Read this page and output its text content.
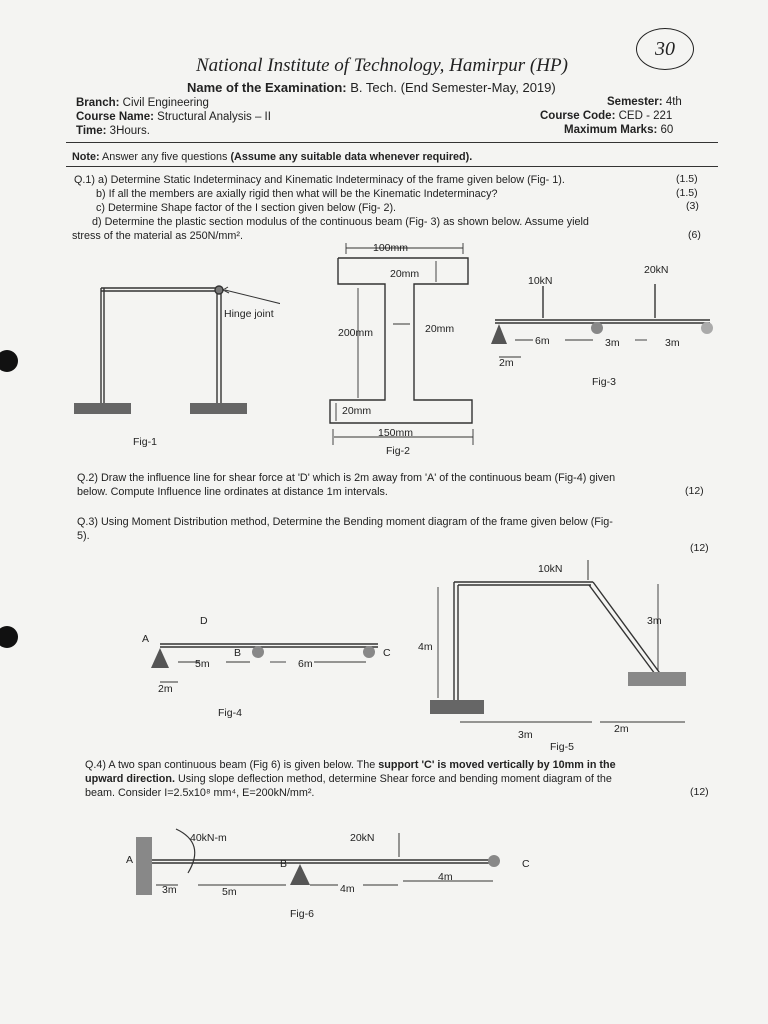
30
National Institute of Technology, Hamirpur (HP)
Name of the Examination: B. Tech. (End Semester-May, 2019)
Branch: Civil Engineering
Course Name: Structural Analysis – II
Time: 3Hours.
Semester: 4th
Course Code: CED - 221
Maximum Marks: 60
Note: Answer any five questions (Assume any suitable data whenever required).
Q.1) a) Determine Static Indeterminacy and Kinematic Indeterminacy of the frame given below (Fig- 1).	(1.5)
b) If all the members are axially rigid then what will be the Kinematic Indeterminacy?	(1.5)
c) Determine Shape factor of the I section given below (Fig- 2).	(3)
d) Determine the plastic section modulus of the continuous beam (Fig- 3) as shown below. Assume yield
stress of the material as 250N/mm².	(6)
Hinge joint
Fig-1
100mm
20mm
200mm	20mm
20mm
150mm
Fig-2
10kN
20kN
6m	3m	3m
2m
Fig-3
Q.2) Draw the influence line for shear force at 'D' which is 2m away from 'A' of the continuous beam (Fig-4) given
below. Compute Influence line ordinates at distance 1m intervals.	(12)
Q.3) Using Moment Distribution method, Determine the Bending moment diagram of the frame given below (Fig-
5).
(12)
A
D
B	C
5m	6m
2m
Fig-4
10kN
4m
3m
3m	2m
Fig-5
Q.4) A two span continuous beam (Fig 6) is given below. The support 'C' is moved vertically by 10mm in the
upward direction. Using slope deflection method, determine Shear force and bending moment diagram of the
beam. Consider I=2.5x10⁸ mm⁴, E=200kN/mm².	(12)
A
40kN-m	20kN
B	C
3m	5m	4m
4m
Fig-6
